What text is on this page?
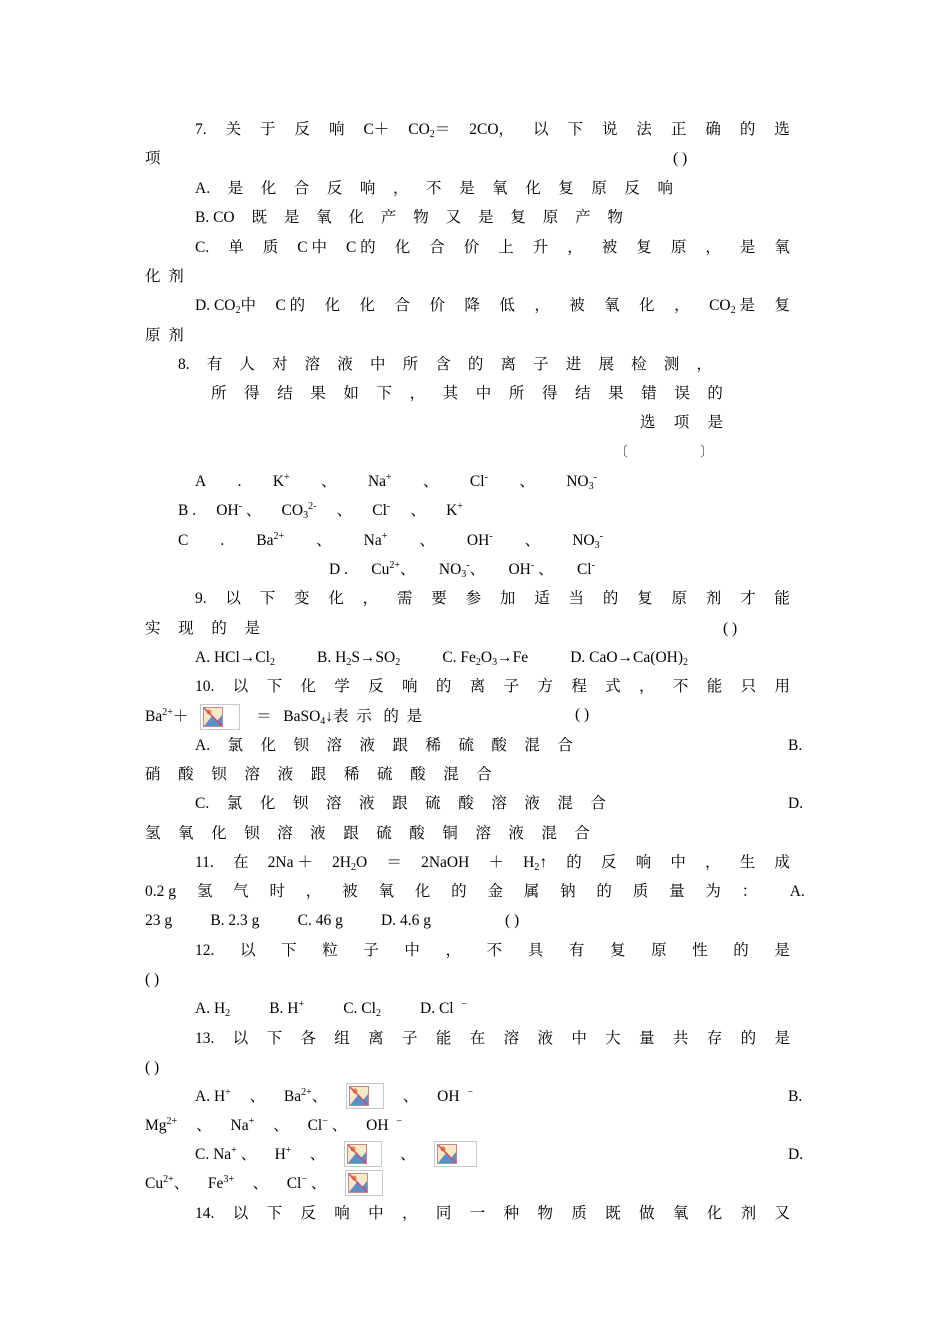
7. 关 于 反 响 C＋ CO2＝ 2CO， 以 下 说 法 正 确 的 选
项	( )
A. 是 化 合 反 响 ， 不 是 氧 化 复 原 反 响
B. CO 既 是 氧 化 产 物 又 是 复 原 产 物
C. 单 质 C 中 C 的 化 合 价 上 升 ， 被 复 原 ， 是 氧
化  剂
D. CO2中 C 的 化 化 合 价 降 低 ， 被 氧 化 ， CO2 是 复
原  剂
8. 有 人 对 溶 液 中 所 含 的 离 子 进 展 检 测 ，
所 得 结 果 如 下 ， 其 中 所 得 结 果 错 误 的
选 项 是
〔	〕
A . K+ 、 Na+ 、 Cl- 、 NO3-
B . OH- 、 $CO3^{2-}$ 、 Cl- 、 K+
C . $Ba^{2+}$ 、 Na+ 、 OH- 、 NO3-
D . $Cu^{2+}$、 NO3-、 OH- 、 Cl-
9. 以 下 变 化 ， 需 要 参 加 适 当 的 复 原 剂 才 能
实 现 的 是	( )
A. HCl→Cl2	B. H2S→SO2	C. Fe2O3→Fe	D. CaO→Ca(OH)2
10. 以 下 化 学 反 响 的 离 子 方 程 式 ， 不 能 只 用
$Ba^{2+}+$	＝   BaSO4↓表  示   的  是	( )
A. 氯 化 钡 溶 液 跟 稀 硫 酸 混 合	B.
硝 酸 钡 溶 液 跟 稀 硫 酸 混 合
C. 氯 化 钡 溶 液 跟 硫 酸 溶 液 混 合	D.
氢 氧 化 钡 溶 液 跟 硫 酸 铜 溶 液 混 合
11. 在 2Na ＋ 2H2O ＝ 2NaOH ＋ H2↑ 的 反 响 中 ， 生 成
0.2 g 氢 气 时 ， 被 氧 化 的 金 属 钠 的 质 量 为 ： A.
23 g B. 2.3 g C. 46 g D. 4.6 g	( )
12. 以 下 粒 子 中 ， 不 具 有 复 原 性 的 是
( )
A. H2	B. H+	C. Cl2	D. Cl  −
13. 以 下 各 组 离 子 能 在 溶 液 中 大 量 共 存 的 是
( )
A. H+ 、 $Ba^{2+}$、	、 OH  −	B.
$Mg^{2+}$ 、 Na+ 、 Cl− 、 OH  −
C. Na+ 、 H+ 、	、	D.
$Cu^{2+}$、 $Fe^{3+}$ 、 Cl− 、
14. 以 下 反 响 中 ， 同 一 种 物 质 既 做 氧 化 剂 又
